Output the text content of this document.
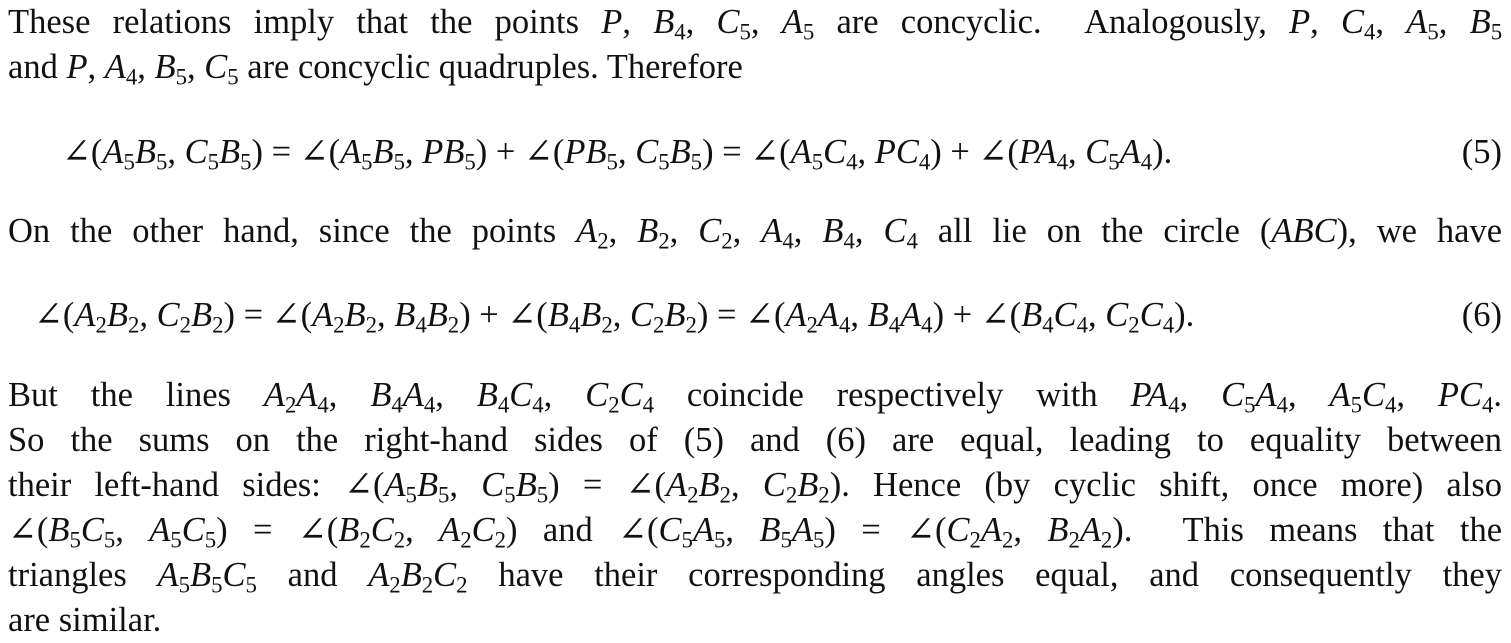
These relations imply that the points P, $B_4$, $C_5$, $A_5$ are concyclic.  Analogously, P, $C_4$, $A_5$, $B_5$
and P, $A_4$, $B_5$, $C_5$ are concyclic quadruples. Therefore
$\angle(A_5B_5$, $C_5B_5$) = $\angle(A_5B_5$, $PB_5$) + $\angle(PB_5$, $C_5B_5$) = $\angle(A_5C_4$, $PC_4$) + $\angle(PA_4$, $C_5A_4$).	(5)
On the other hand, since the points $A_2$, $B_2$, $C_2$, $A_4$, $B_4$, $C_4$ all lie on the circle (ABC), we have
$\angle(A_2B_2$, $C_2B_2$) = $\angle(A_2B_2$, $B_4B_2$) + $\angle(B_4B_2$, $C_2B_2$) = $\angle(A_2A_4$, $B_4A_4$) + $\angle(B_4C_4$, $C_2C_4$).	(6)
But the lines $A_2A_4$, $B_4A_4$, $B_4C_4$, $C_2C_4$ coincide respectively with $PA_4$, $C_5A_4$, $A_5C_4$, $PC_4$.
So the sums on the right-hand sides of (5) and (6) are equal, leading to equality between
their left-hand sides: $\angle(A_5B_5$, $C_5B_5$) = $\angle(A_2B_2$, $C_2B_2$). Hence (by cyclic shift, once more) also
$\angle(B_5C_5$, $A_5C_5$) = $\angle(B_2C_2$, $A_2C_2$) and $\angle(C_5A_5$, $B_5A_5$) = $\angle(C_2A_2$, $B_2A_2$).  This means that the
triangles $A_5B_5C_5$ and $A_2B_2C_2$ have their corresponding angles equal, and consequently they
are similar.
